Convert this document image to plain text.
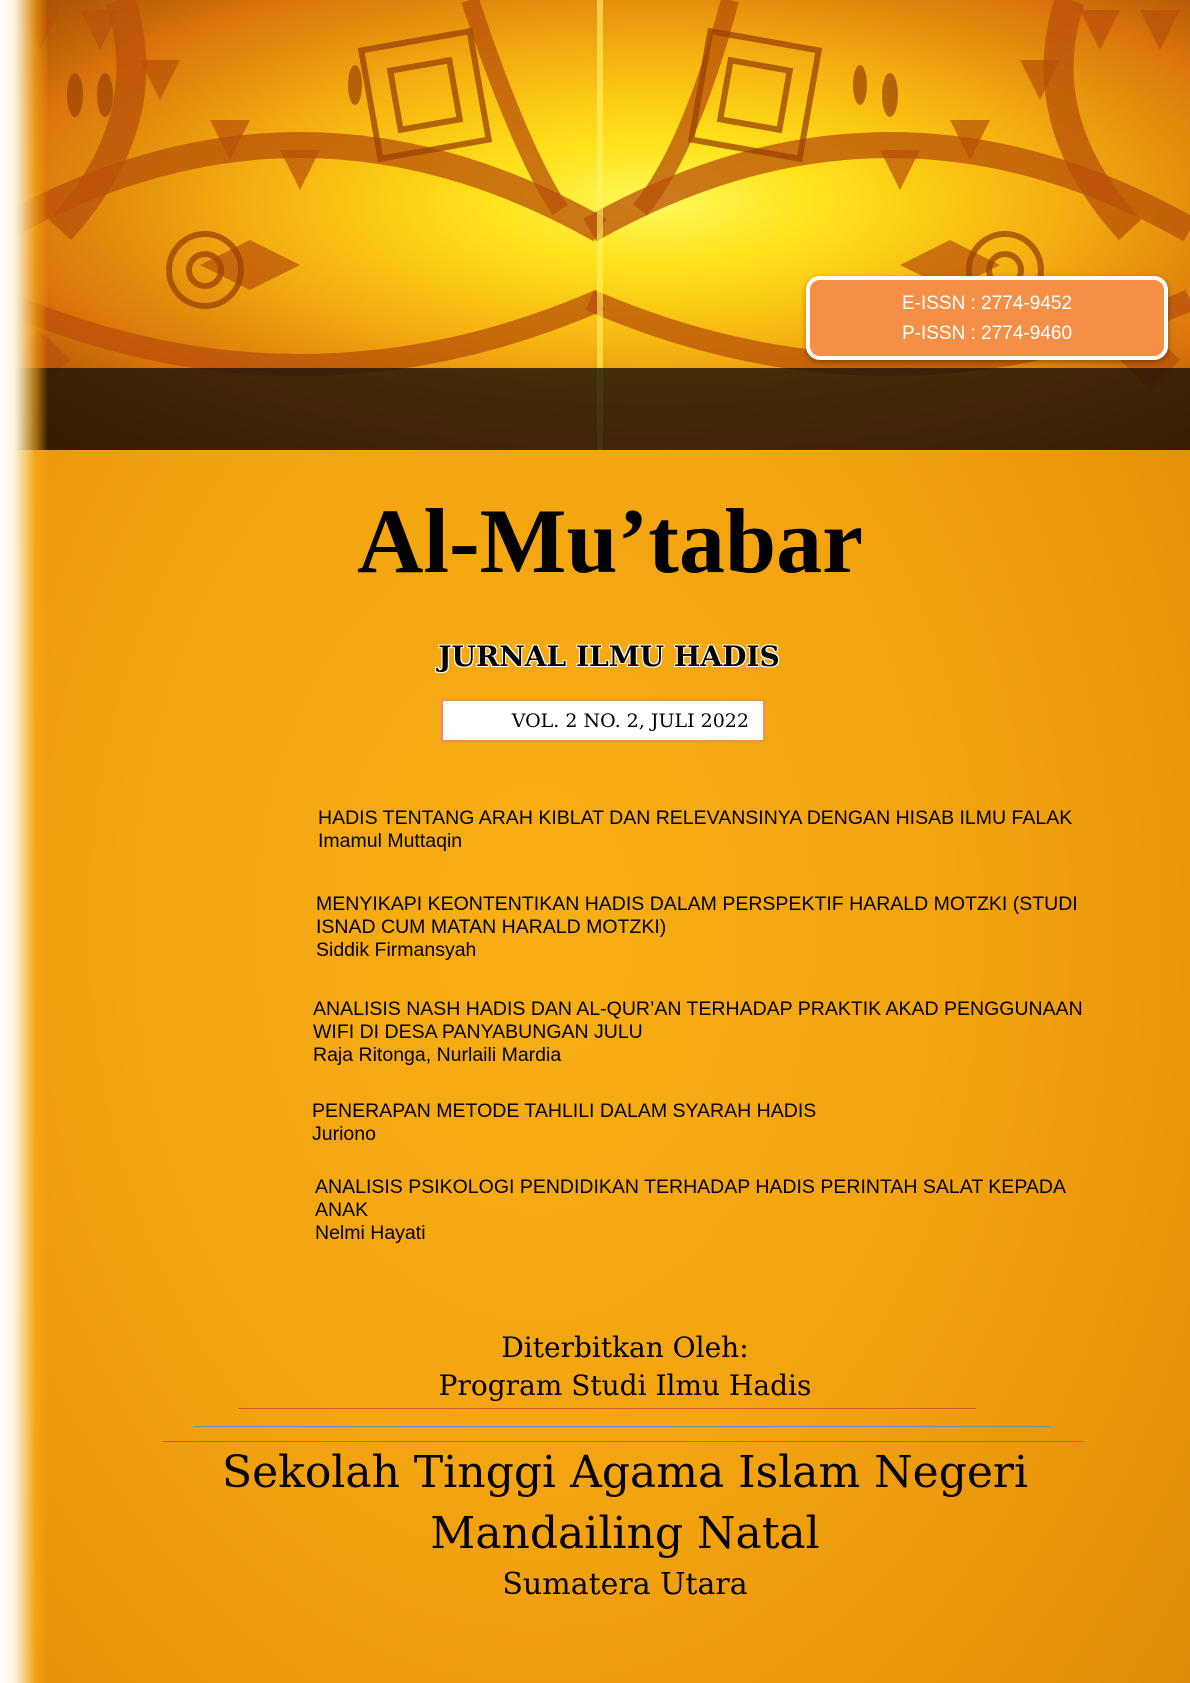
E-ISSN : 2774-9452
P-ISSN : 2774-9460
Al-Mu’tabar
JURNAL ILMU HADIS
VOL. 2 NO. 2, JULI 2022
HADIS TENTANG ARAH KIBLAT DAN RELEVANSINYA DENGAN HISAB ILMU FALAK
Imamul Muttaqin
MENYIKAPI KEONTENTIKAN HADIS DALAM PERSPEKTIF HARALD MOTZKI (STUDI
ISNAD CUM MATAN HARALD MOTZKI)
Siddik Firmansyah
ANALISIS NASH HADIS DAN AL-QUR’AN TERHADAP PRAKTIK AKAD PENGGUNAAN
WIFI DI DESA PANYABUNGAN JULU
Raja Ritonga, Nurlaili Mardia
PENERAPAN METODE TAHLILI DALAM SYARAH HADIS
Juriono
ANALISIS PSIKOLOGI PENDIDIKAN TERHADAP HADIS PERINTAH SALAT KEPADA
ANAK
Nelmi Hayati
Diterbitkan Oleh:
Program Studi Ilmu Hadis
Sekolah Tinggi Agama Islam Negeri
Mandailing Natal
Sumatera Utara
